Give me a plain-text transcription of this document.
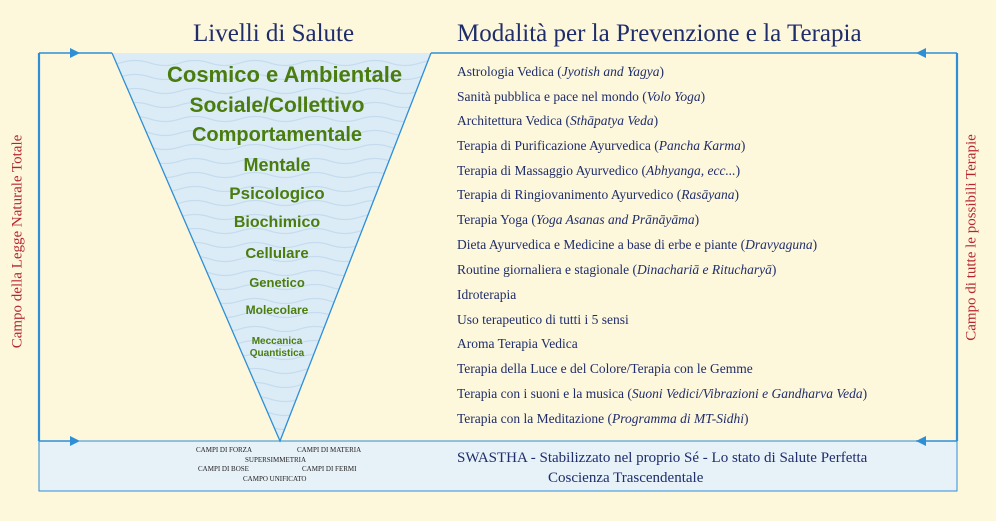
Livelli di Salute	Modalità per la Prevenzione e la Terapia
Campo della Legge Naturale Totale	Campo di tutte le possibili Terapie
Cosmico e Ambientale
Sociale/Collettivo
Comportamentale
Mentale
Psicologico
Biochimico
Cellulare
Genetico
Molecolare
Meccanica
Quantistica
Astrologia Vedica (Jyotish and Yagya)
Sanità pubblica e pace nel mondo (Volo Yoga)
Architettura Vedica (Sthāpatya Veda)
Terapia di Purificazione Ayurvedica (Pancha Karma)
Terapia di Massaggio Ayurvedico (Abhyanga, ecc...)
Terapia di Ringiovanimento Ayurvedico (Rasāyana)
Terapia Yoga (Yoga Asanas and Prānāyāma)
Dieta Ayurvedica e Medicine a base di erbe e piante (Dravyaguna)
Routine giornaliera e stagionale (Dinachariā e Ritucharyā)
Idroterapia
Uso terapeutico di tutti i 5 sensi
Aroma Terapia Vedica
Terapia della Luce e del Colore/Terapia con le Gemme
Terapia con i suoni e la musica (Suoni Vedici/Vibrazioni e Gandharva Veda)
Terapia con la Meditazione (Programma di MT-Sidhi)
CAMPI DI FORZA	CAMPI DI MATERIA
SUPERSIMMETRIA
CAMPI DI BOSE	CAMPI DI FERMI
CAMPO UNIFICATO
SWASTHA - Stabilizzato nel proprio Sé - Lo stato di Salute Perfetta
Coscienza Trascendentale
